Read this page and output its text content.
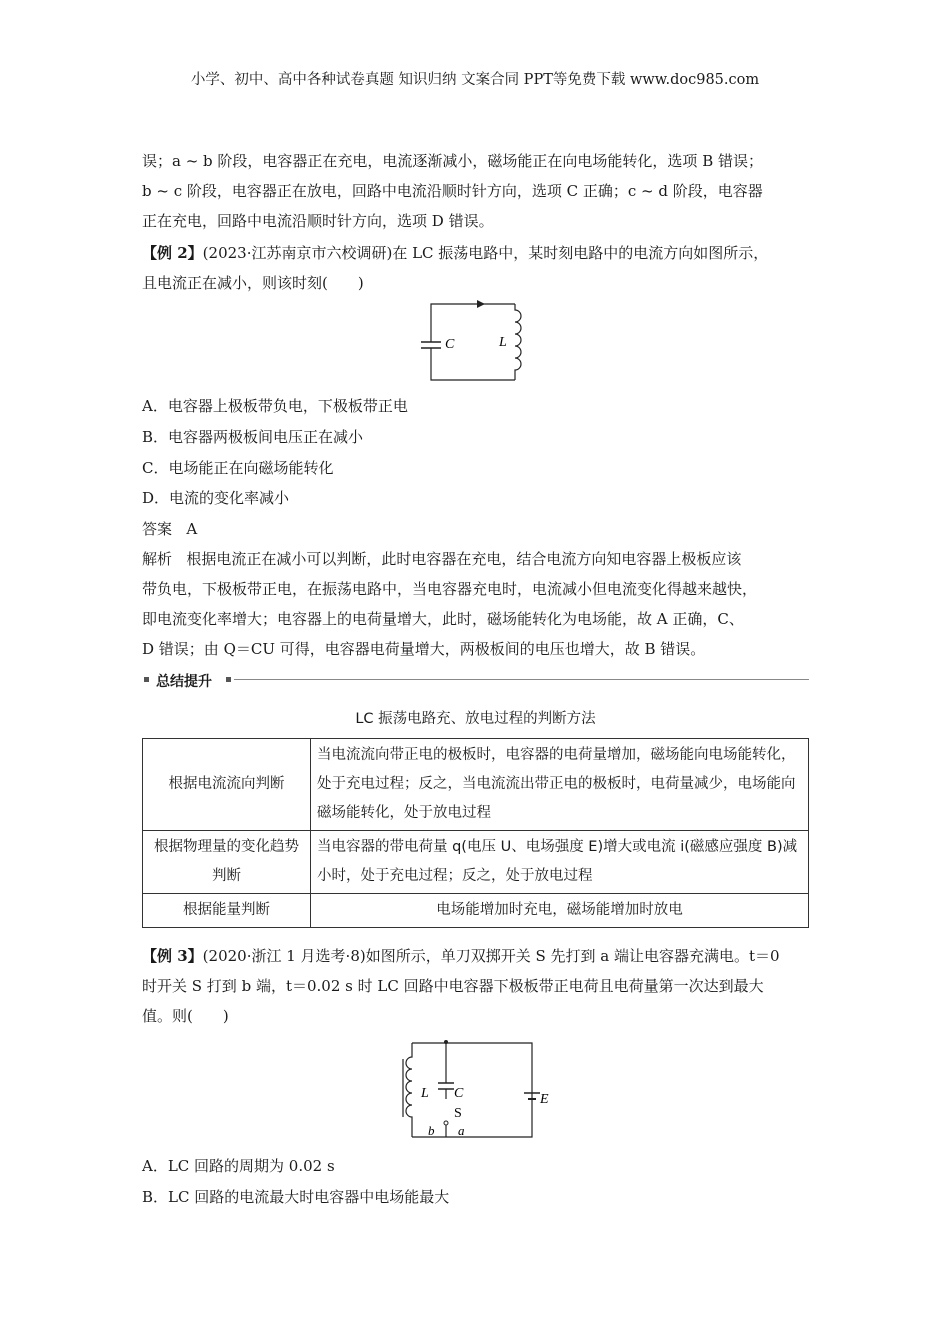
小学、初中、高中各种试卷真题 知识归纳 文案合同 PPT等免费下载 www.doc985.com
误；a ~ b 阶段，电容器正在充电，电流逐渐减小，磁场能正在向电场能转化，选项 B 错误；
b ~ c 阶段，电容器正在放电，回路中电流沿顺时针方向，选项 C 正确；c ~ d 阶段，电容器
正在充电，回路中电流沿顺时针方向，选项 D 错误。
【例 2】(2023·江苏南京市六校调研)在 LC 振荡电路中，某时刻电路中的电流方向如图所示，
且电流正在减小，则该时刻(　　)
C	L
A．电容器上极板带负电，下极板带正电
B．电容器两极板间电压正在减小
C．电场能正在向磁场能转化
D．电流的变化率减小
答案 A
解析 根据电流正在减小可以判断，此时电容器在充电，结合电流方向知电容器上极板应该
带负电，下极板带正电，在振荡电路中，当电容器充电时，电流减小但电流变化得越来越快，
即电流变化率增大；电容器上的电荷量增大，此时，磁场能转化为电场能，故 A 正确，C、
D 错误；由 Q＝CU 可得，电容器电荷量增大，两极板间的电压也增大，故 B 错误。
总结提升
LC 振荡电路充、放电过程的判断方法
根据电流流向判断	当电流流向带正电的极板时，电容器的电荷量增加，磁场能向电场能转化，处于充电过程；反之，当电流流出带正电的极板时，电荷量减少，电场能向磁场能转化，处于放电过程
根据物理量的变化趋势判断	当电容器的带电荷量 q(电压 U、电场强度 E)增大或电流 i(磁感应强度 B)减小时，处于充电过程；反之，处于放电过程
根据能量判断	电场能增加时充电，磁场能增加时放电
【例 3】(2020·浙江 1 月选考·8)如图所示，单刀双掷开关 S 先打到 a 端让电容器充满电。t＝0
时开关 S 打到 b 端，t＝0.02 s 时 LC 回路中电容器下极板带正电荷且电荷量第一次达到最大
值。则(　　)
L C
S
E
b a
A．LC 回路的周期为 0.02 s
B．LC 回路的电流最大时电容器中电场能最大
